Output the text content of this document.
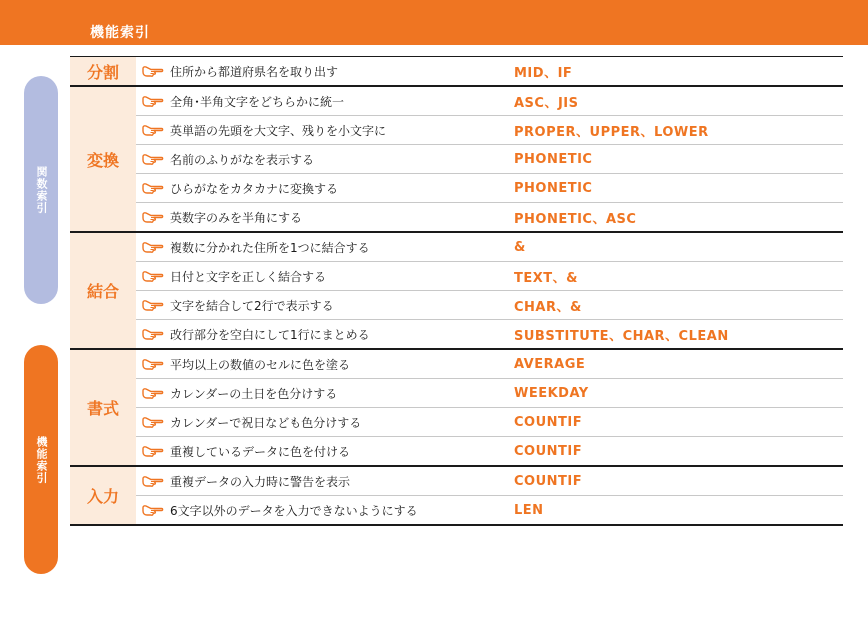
機能索引
関数索引
機能索引
分割	住所から都道府県名を取り出す	MID、IF
変換
全角･半角文字をどちらかに統一	ASC、JIS
英単語の先頭を大文字、残りを小文字に	PROPER、UPPER、LOWER
名前のふりがなを表示する	PHONETIC
ひらがなをカタカナに変換する	PHONETIC
英数字のみを半角にする	PHONETIC、ASC
結合
複数に分かれた住所を1つに結合する	&
日付と文字を正しく結合する	TEXT、&
文字を結合して2行で表示する	CHAR、&
改行部分を空白にして1行にまとめる	SUBSTITUTE、CHAR、CLEAN
書式
平均以上の数値のセルに色を塗る	AVERAGE
カレンダーの土日を色分けする	WEEKDAY
カレンダーで祝日なども色分けする	COUNTIF
重複しているデータに色を付ける	COUNTIF
入力
重複データの入力時に警告を表示	COUNTIF
6文字以外のデータを入力できないようにする	LEN
